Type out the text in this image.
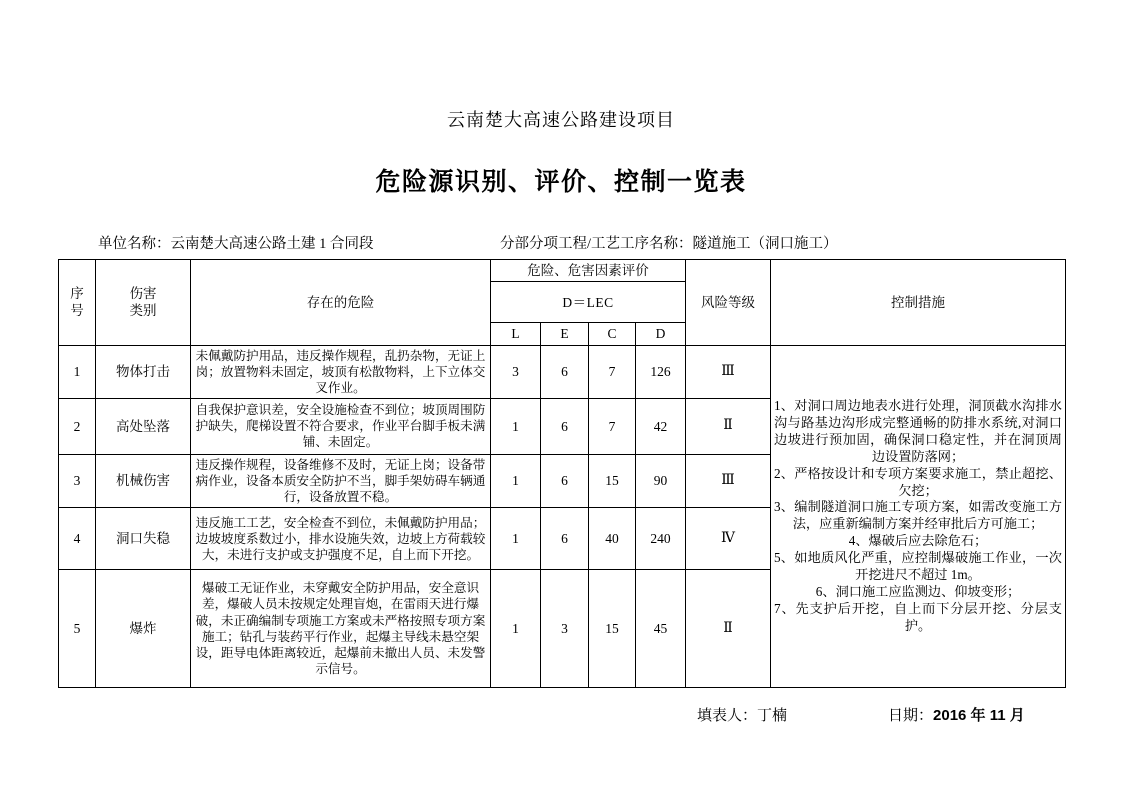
云南楚大高速公路建设项目
危险源识别、评价、控制一览表
单位名称：云南楚大高速公路土建 1 合同段	分部分项工程/工艺工序名称：隧道施工（洞口施工）
序
号	伤害
类别	存在的危险	危险、危害因素评价				风险等级	控制措施
			D＝LEC					
			L	E	C	D		
1	物体打击	未佩戴防护用品，违反操作规程，乱扔杂物，无证上岗；放置物料未固定，坡顶有松散物料，上下立体交叉作业。	3	6	7	126	Ⅲ	
1、对洞口周边地表水进行处理，洞顶截水沟排水沟与路基边沟形成完整通畅的防排水系统,对洞口边坡进行预加固，确保洞口稳定性，并在洞顶周边设置防落网；
2、严格按设计和专项方案要求施工，禁止超挖、欠挖；
3、编制隧道洞口施工专项方案，如需改变施工方法，应重新编制方案并经审批后方可施工；
4、爆破后应去除危石；
5、如地质风化严重，应控制爆破施工作业，一次开挖进尺不超过 1m。
6、洞口施工应监测边、仰坡变形；
7、先支护后开挖，自上而下分层开挖、分层支护。

2	高处坠落	自我保护意识差，安全设施检查不到位；坡顶周围防护缺失，爬梯设置不符合要求，作业平台脚手板未满铺、未固定。	1	6	7	42	Ⅱ	
3	机械伤害	违反操作规程，设备维修不及时，无证上岗；设备带病作业，设备本质安全防护不当，脚手架妨碍车辆通行，设备放置不稳。	1	6	15	90	Ⅲ	
4	洞口失稳	违反施工工艺，安全检查不到位，未佩戴防护用品；边坡坡度系数过小，排水设施失效，边坡上方荷载较大，未进行支护或支护强度不足，自上而下开挖。	1	6	40	240	Ⅳ	
5	爆炸	爆破工无证作业，未穿戴安全防护用品，安全意识差，爆破人员未按规定处理盲炮，在雷雨天进行爆破，未正确编制专项施工方案或未严格按照专项方案施工；钻孔与装药平行作业，起爆主导线未悬空架设，距导电体距离较近，起爆前未撤出人员、未发警示信号。	1	3	15	45	Ⅱ	
填表人：丁楠	日期：2016 年 11 月
